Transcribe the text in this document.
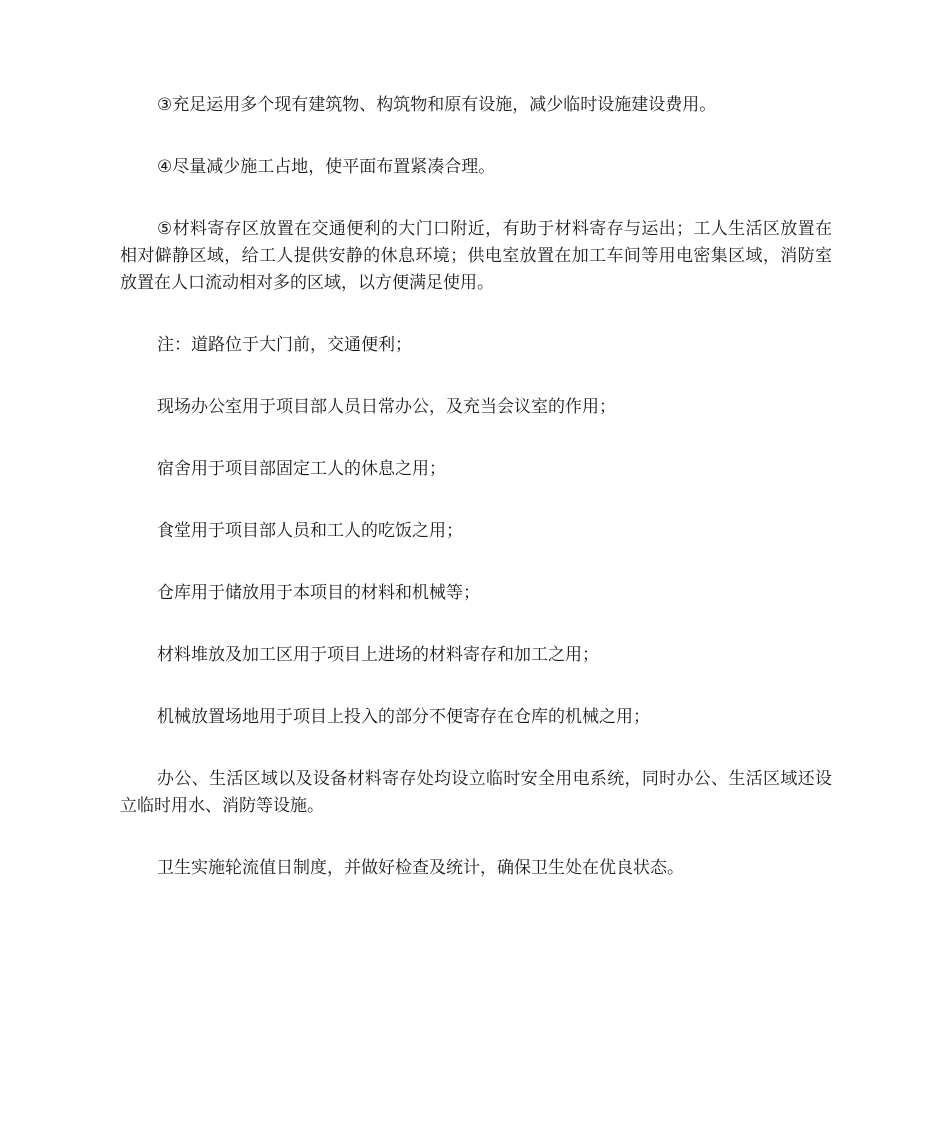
③充足运用多个现有建筑物、构筑物和原有设施，减少临时设施建设费用。

④尽量减少施工占地，使平面布置紧凑合理。

⑤材料寄存区放置在交通便利的大门口附近，有助于材料寄存与运出；工人生活区放置在相对僻静区域，给工人提供安静的休息环境；供电室放置在加工车间等用电密集区域，消防室放置在人口流动相对多的区域，以方便满足使用。

注：道路位于大门前，交通便利；

现场办公室用于项目部人员日常办公，及充当会议室的作用；

宿舍用于项目部固定工人的休息之用；

食堂用于项目部人员和工人的吃饭之用；

仓库用于储放用于本项目的材料和机械等；

材料堆放及加工区用于项目上进场的材料寄存和加工之用；

机械放置场地用于项目上投入的部分不便寄存在仓库的机械之用；

办公、生活区域以及设备材料寄存处均设立临时安全用电系统，同时办公、生活区域还设立临时用水、消防等设施。

卫生实施轮流值日制度，并做好检查及统计，确保卫生处在优良状态。
